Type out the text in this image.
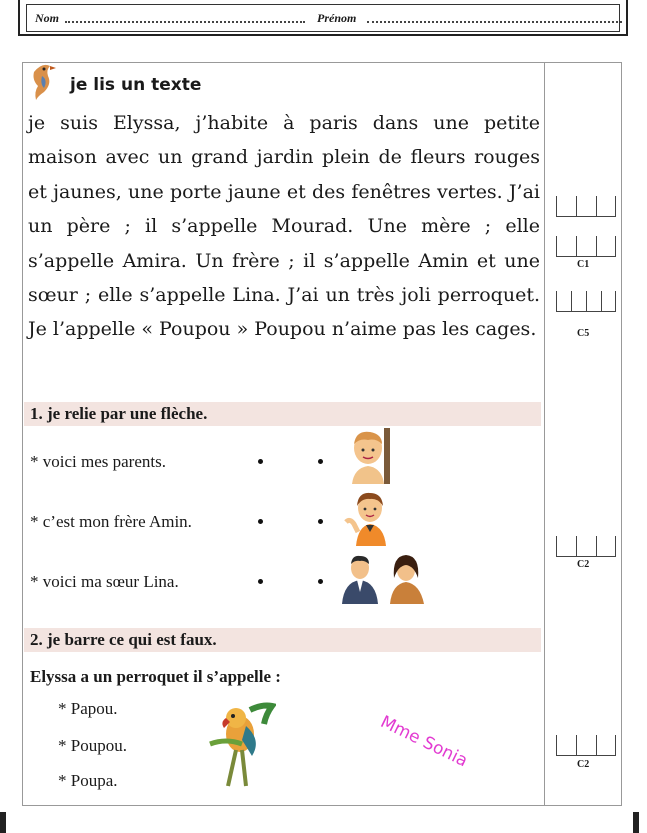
Nom	Prénom
je lis un texte
je suis Elyssa, j’habite à paris dans une petite maison avec un grand jardin plein de fleurs rouges et jaunes, une porte jaune et des fenêtres vertes. J’ai un père ; il s’appelle Mourad. Une mère ; elle s’appelle Amira. Un frère ; il s’appelle Amin et une sœur ; elle s’appelle Lina. J’ai un très joli perroquet. Je l’appelle « Poupou » Poupou n’aime pas les cages.
1. je relie par une flèche.
* voici mes parents.
* c’est mon frère Amin.
* voici ma sœur Lina.
2. je barre ce qui est faux.
Elyssa a un perroquet il s’appelle :
* Papou.
* Poupou.
* Poupa.
Mme Sonia
C1
C5
C2
C2
